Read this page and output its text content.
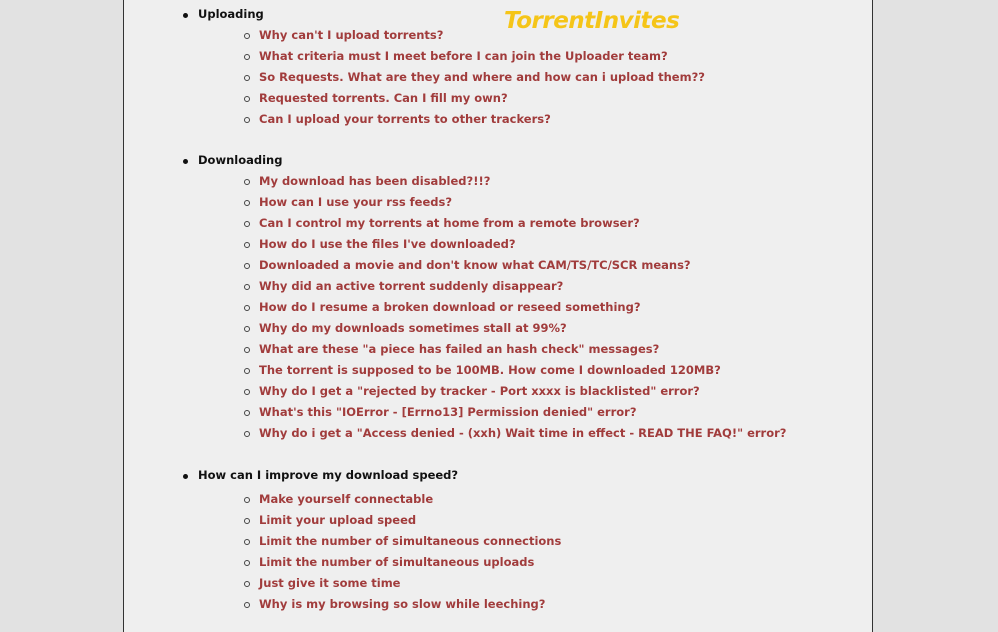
TorrentInvites
Uploading
Why can't I upload torrents?
What criteria must I meet before I can join the Uploader team?
So Requests. What are they and where and how can i upload them??
Requested torrents. Can I fill my own?
Can I upload your torrents to other trackers?
Downloading
My download has been disabled?!!?
How can I use your rss feeds?
Can I control my torrents at home from a remote browser?
How do I use the files I've downloaded?
Downloaded a movie and don't know what CAM/TS/TC/SCR means?
Why did an active torrent suddenly disappear?
How do I resume a broken download or reseed something?
Why do my downloads sometimes stall at 99%?
What are these "a piece has failed an hash check" messages?
The torrent is supposed to be 100MB. How come I downloaded 120MB?
Why do I get a "rejected by tracker - Port xxxx is blacklisted" error?
What's this "IOError - [Errno13] Permission denied" error?
Why do i get a "Access denied - (xxh) Wait time in effect - READ THE FAQ!" error?
How can I improve my download speed?
Make yourself connectable
Limit your upload speed
Limit the number of simultaneous connections
Limit the number of simultaneous uploads
Just give it some time
Why is my browsing so slow while leeching?
